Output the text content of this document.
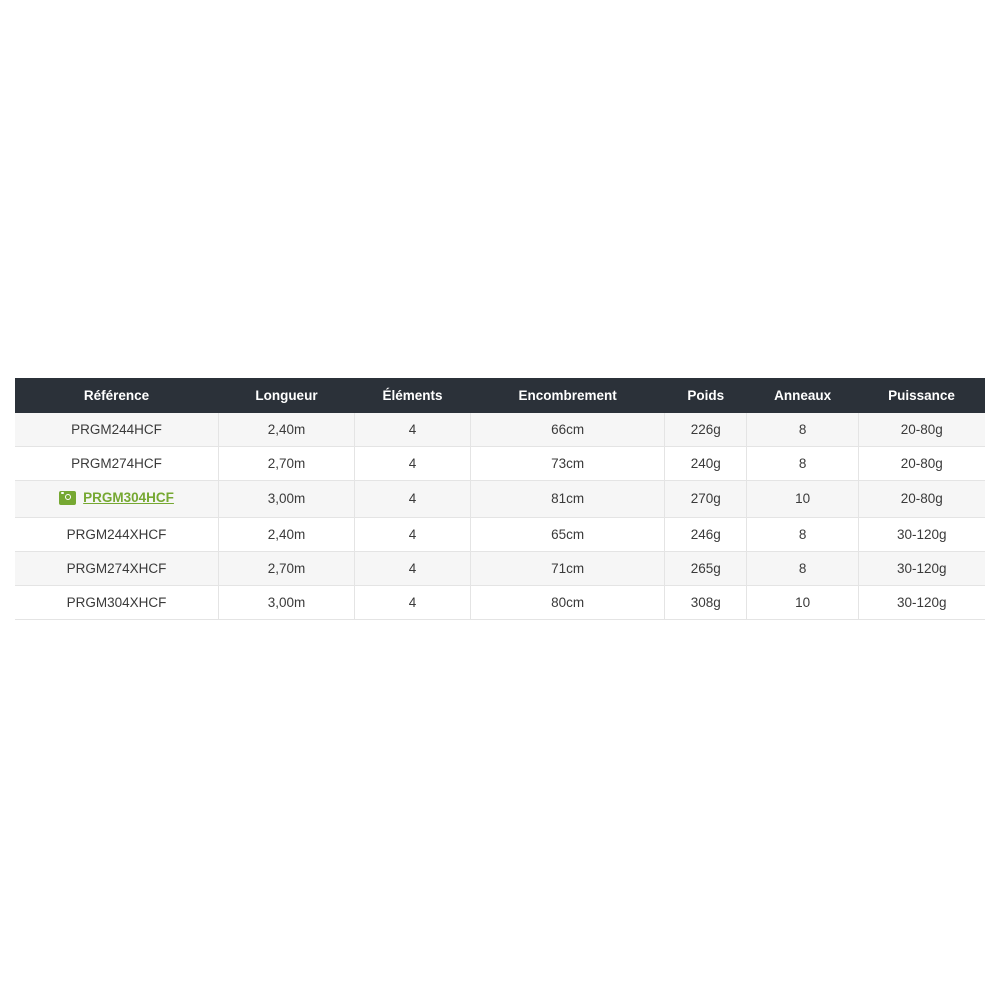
Référence	Longueur	Éléments	Encombrement	Poids	Anneaux	Puissance

PRGM244HCF	2,40m	4	66cm	226g	8	20-80g

PRGM274HCF	2,70m	4	73cm	240g	8	20-80g

PRGM304HCF	3,00m	4	81cm	270g	10	20-80g

PRGM244XHCF	2,40m	4	65cm	246g	8	30-120g

PRGM274XHCF	2,70m	4	71cm	265g	8	30-120g

PRGM304XHCF	3,00m	4	80cm	308g	10	30-120g
